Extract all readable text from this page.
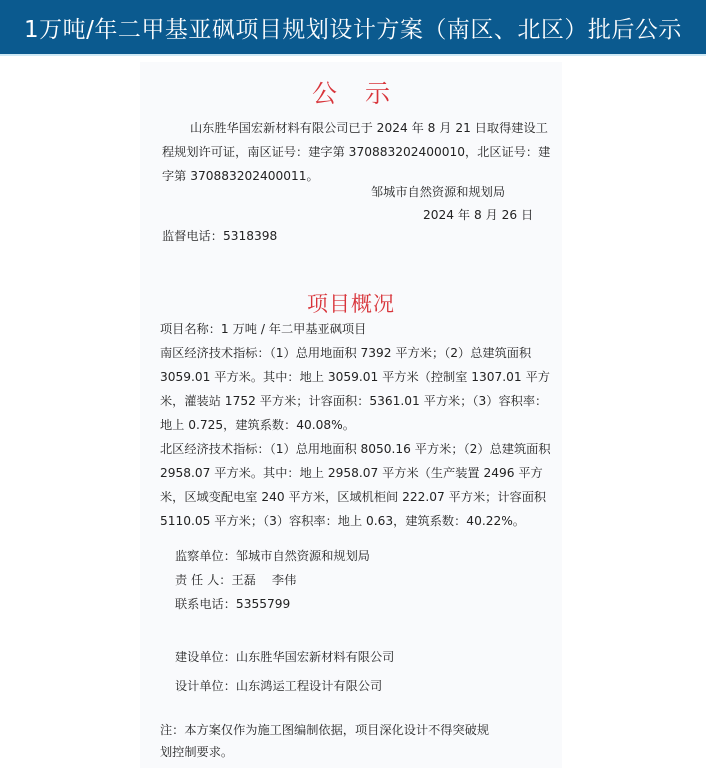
1万吨/年二甲基亚砜项目规划设计方案（南区、北区）批后公示
公示
山东胜华国宏新材料有限公司已于 2024 年 8 月 21 日取得建设工
程规划许可证，南区证号：建字第 370883202400010，北区证号：建
字第 370883202400011。
邹城市自然资源和规划局
2024 年 8 月 26 日
监督电话：5318398
项目概况
项目名称：1 万吨 / 年二甲基亚砜项目
南区经济技术指标：（1）总用地面积 7392 平方米；（2）总建筑面积
3059.01 平方米。其中：地上 3059.01 平方米（控制室 1307.01 平方
米，灌装站 1752 平方米；计容面积：5361.01 平方米；（3）容积率：
地上 0.725，建筑系数：40.08%。
北区经济技术指标：（1）总用地面积 8050.16 平方米；（2）总建筑面积
2958.07 平方米。其中：地上 2958.07 平方米（生产装置 2496 平方
米，区域变配电室 240 平方米，区域机柜间 222.07 平方米；计容面积
5110.05 平方米；（3）容积率：地上 0.63，建筑系数：40.22%。
监察单位：邹城市自然资源和规划局
责 任 人：王磊　 李伟
联系电话：5355799
建设单位：山东胜华国宏新材料有限公司
设计单位：山东鸿运工程设计有限公司
注：本方案仅作为施工图编制依据，项目深化设计不得突破规
划控制要求。
